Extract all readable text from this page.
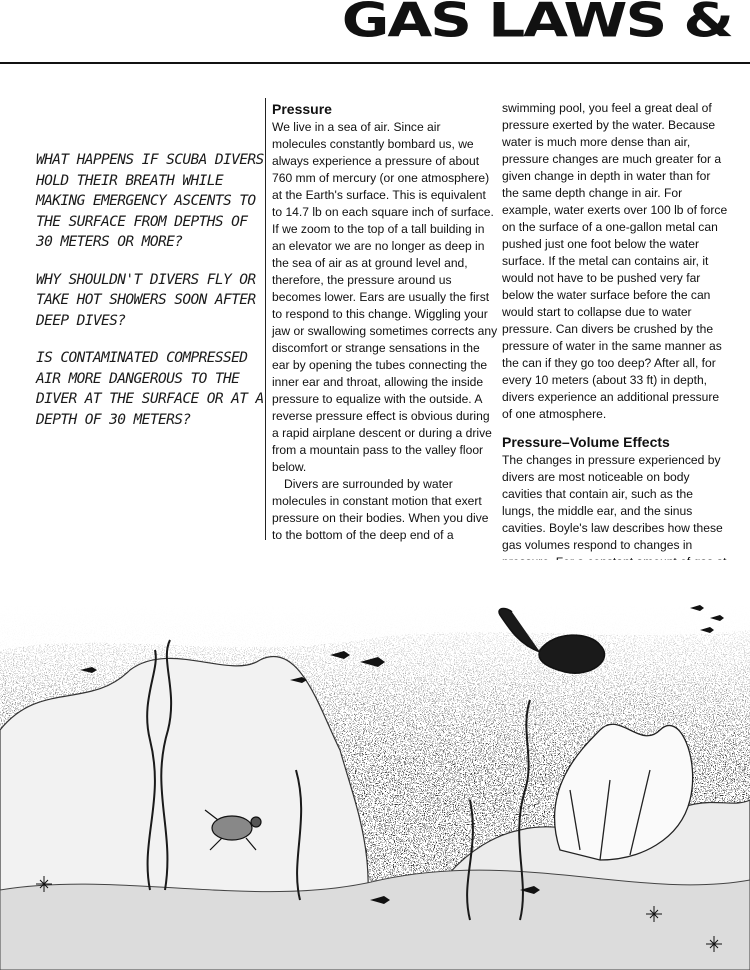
GAS LAWS &

WHAT HAPPENS IF SCUBA DIVERS HOLD THEIR BREATH WHILE MAKING EMERGENCY ASCENTS TO THE SURFACE FROM DEPTHS OF 30 METERS OR MORE?

WHY SHOULDN'T DIVERS FLY OR TAKE HOT SHOWERS SOON AFTER DEEP DIVES?

IS CONTAMINATED COMPRESSED AIR MORE DANGEROUS TO THE DIVER AT THE SURFACE OR AT A DEPTH OF 30 METERS?

Pressure

We live in a sea of air. Since air molecules constantly bombard us, we always experience a pressure of about 760 mm of mercury (or one atmosphere) at the Earth's surface. This is equivalent to 14.7 lb on each square inch of surface. If we zoom to the top of a tall building in an elevator we are no longer as deep in the sea of air as at ground level and, therefore, the pressure around us becomes lower. Ears are usually the first to respond to this change. Wiggling your jaw or swallowing sometimes corrects any discomfort or strange sensations in the ear by opening the tubes connecting the inner ear and throat, allowing the inside pressure to equalize with the outside. A reverse pressure effect is obvious during a rapid airplane descent or during a drive from a mountain pass to the valley floor below.

Divers are surrounded by water molecules in constant motion that exert pressure on their bodies. When you dive to the bottom of the deep end of a

swimming pool, you feel a great deal of pressure exerted by the water. Because water is much more dense than air, pressure changes are much greater for a given change in depth in water than for the same depth change in air. For example, water exerts over 100 lb of force on the surface of a one-gallon metal can pushed just one foot below the water surface. If the metal can contains air, it would not have to be pushed very far below the water surface before the can would start to collapse due to water pressure. Can divers be crushed by the pressure of water in the same manner as the can if they go too deep? After all, for every 10 meters (about 33 ft) in depth, divers experience an additional pressure of one atmosphere.

Pressure–Volume Effects

The changes in pressure experienced by divers are most noticeable on body cavities that contain air, such as the lungs, the middle ear, and the sinus cavities. Boyle's law describes how these gas volumes respond to changes in
